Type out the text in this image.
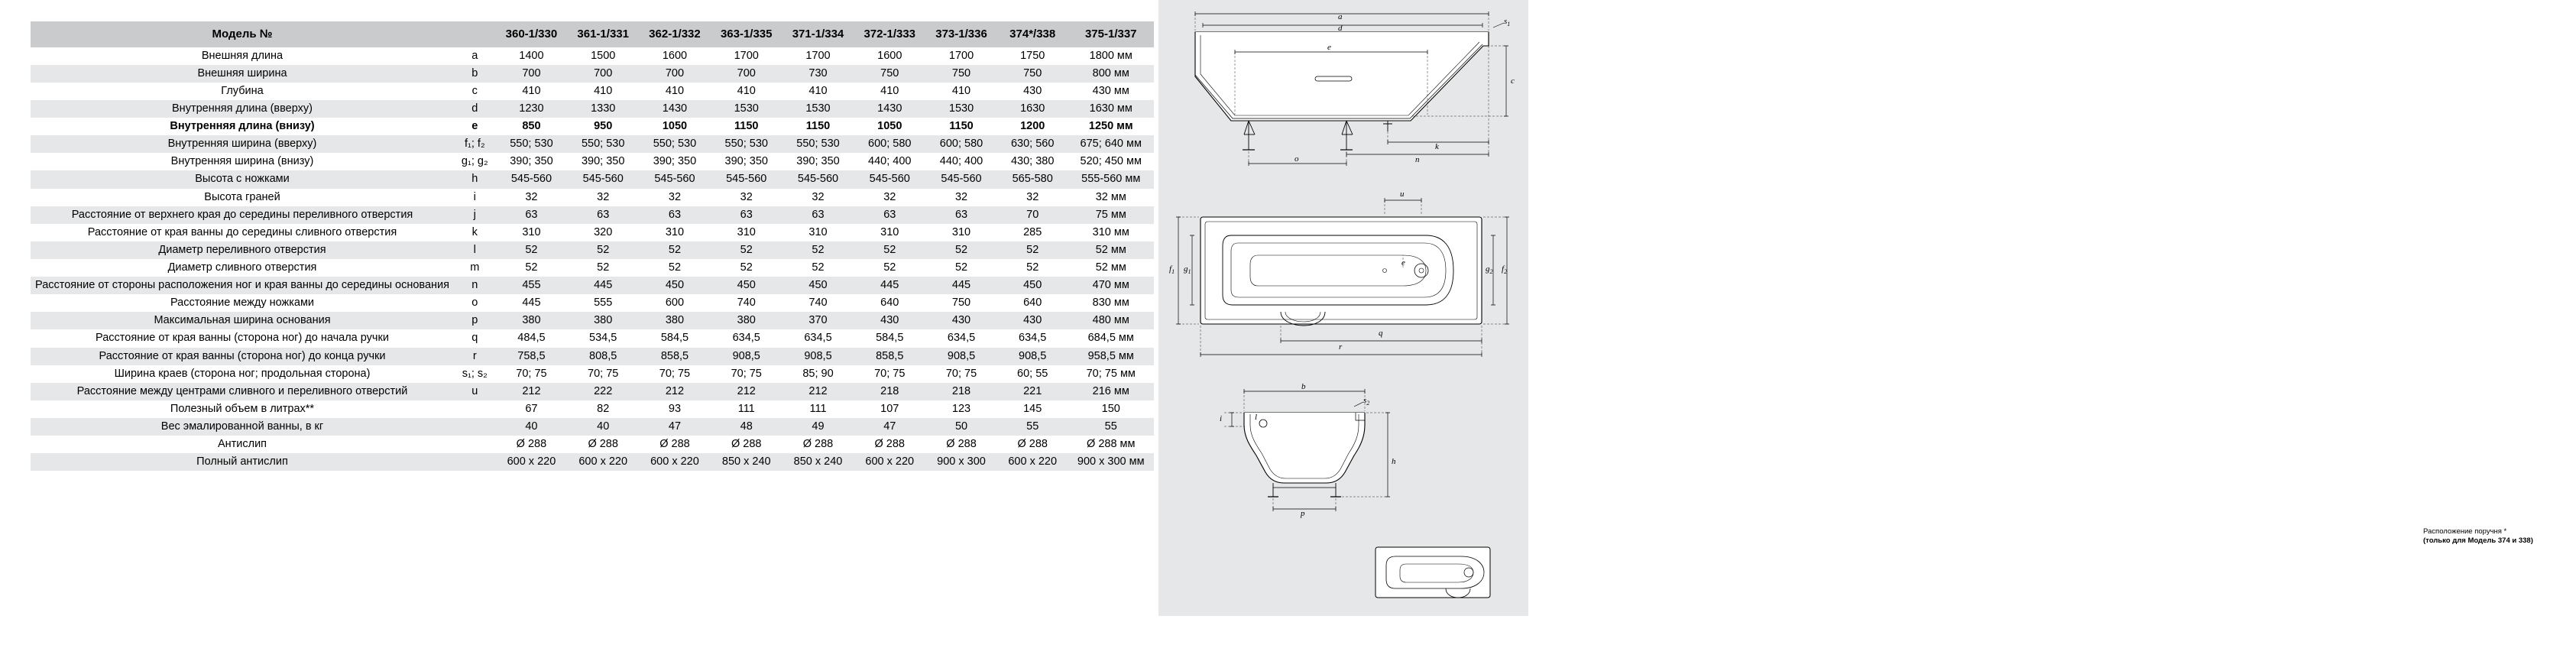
Модель №		360-1/330	361-1/331	362-1/332	363-1/335	371-1/334	372-1/333	373-1/336	374*/338	375-1/337
Внешняя длина	a	1400	1500	1600	1700	1700	1600	1700	1750	1800 мм
Внешняя ширина	b	700	700	700	700	730	750	750	750	800 мм
Глубина	c	410	410	410	410	410	410	410	430	430 мм
Внутренняя длина (вверху)	d	1230	1330	1430	1530	1530	1430	1530	1630	1630 мм
Внутренняя длина (внизу)	e	850	950	1050	1150	1150	1050	1150	1200	1250 мм
Внутренняя ширина (вверху)	f₁; f₂	550; 530	550; 530	550; 530	550; 530	550; 530	600; 580	600; 580	630; 560	675; 640 мм
Внутренняя ширина (внизу)	g₁; g₂	390; 350	390; 350	390; 350	390; 350	390; 350	440; 400	440; 400	430; 380	520; 450 мм
Высота с ножками	h	545-560	545-560	545-560	545-560	545-560	545-560	545-560	565-580	555-560 мм
Высота граней	i	32	32	32	32	32	32	32	32	32 мм
Расстояние от верхнего края до середины переливного отверстия	j	63	63	63	63	63	63	63	70	75 мм
Расстояние от края ванны до середины сливного отверстия	k	310	320	310	310	310	310	310	285	310 мм
Диаметр переливного отверстия	l	52	52	52	52	52	52	52	52	52 мм
Диаметр сливного отверстия	m	52	52	52	52	52	52	52	52	52 мм
Расстояние от стороны расположения ног и края ванны до середины основания	n	455	445	450	450	450	445	445	450	470 мм
Расстояние между ножками	o	445	555	600	740	740	640	750	640	830 мм
Максимальная ширина основания	p	380	380	380	380	370	430	430	430	480 мм
Расстояние от края ванны (сторона ног) до начала ручки	q	484,5	534,5	584,5	634,5	634,5	584,5	634,5	634,5	684,5 мм
Расстояние от края ванны (сторона ног) до конца ручки	r	758,5	808,5	858,5	908,5	908,5	858,5	908,5	908,5	958,5 мм
Ширина краев (сторона ног; продольная сторона)	s₁; s₂	70; 75	70; 75	70; 75	70; 75	85; 90	70; 75	70; 75	60; 55	70; 75 мм
Расстояние между центрами сливного и переливного отверстий	u	212	222	212	212	212	218	218	221	216 мм
Полезный объем в литрах**		67	82	93	111	111	107	123	145	150
Вес эмалированной ванны, в кг		40	40	47	48	49	47	50	55	55
Антислип		Ø 288	Ø 288	Ø 288	Ø 288	Ø 288	Ø 288	Ø 288	Ø 288	Ø 288 мм
Полный антислип		600 x 220	600 x 220	600 x 220	850 x 240	850 x 240	600 x 220	900 x 300	600 x 220	900 x 300 мм
a
d
e
$s_1$
c
k
o	n
u
$f_1$ $g_1$
e
$g_2$ $f_2$
q
r
b
l
$s_2$
i
h
p
Расположение поручня *
(только для Модель 374 и 338)
